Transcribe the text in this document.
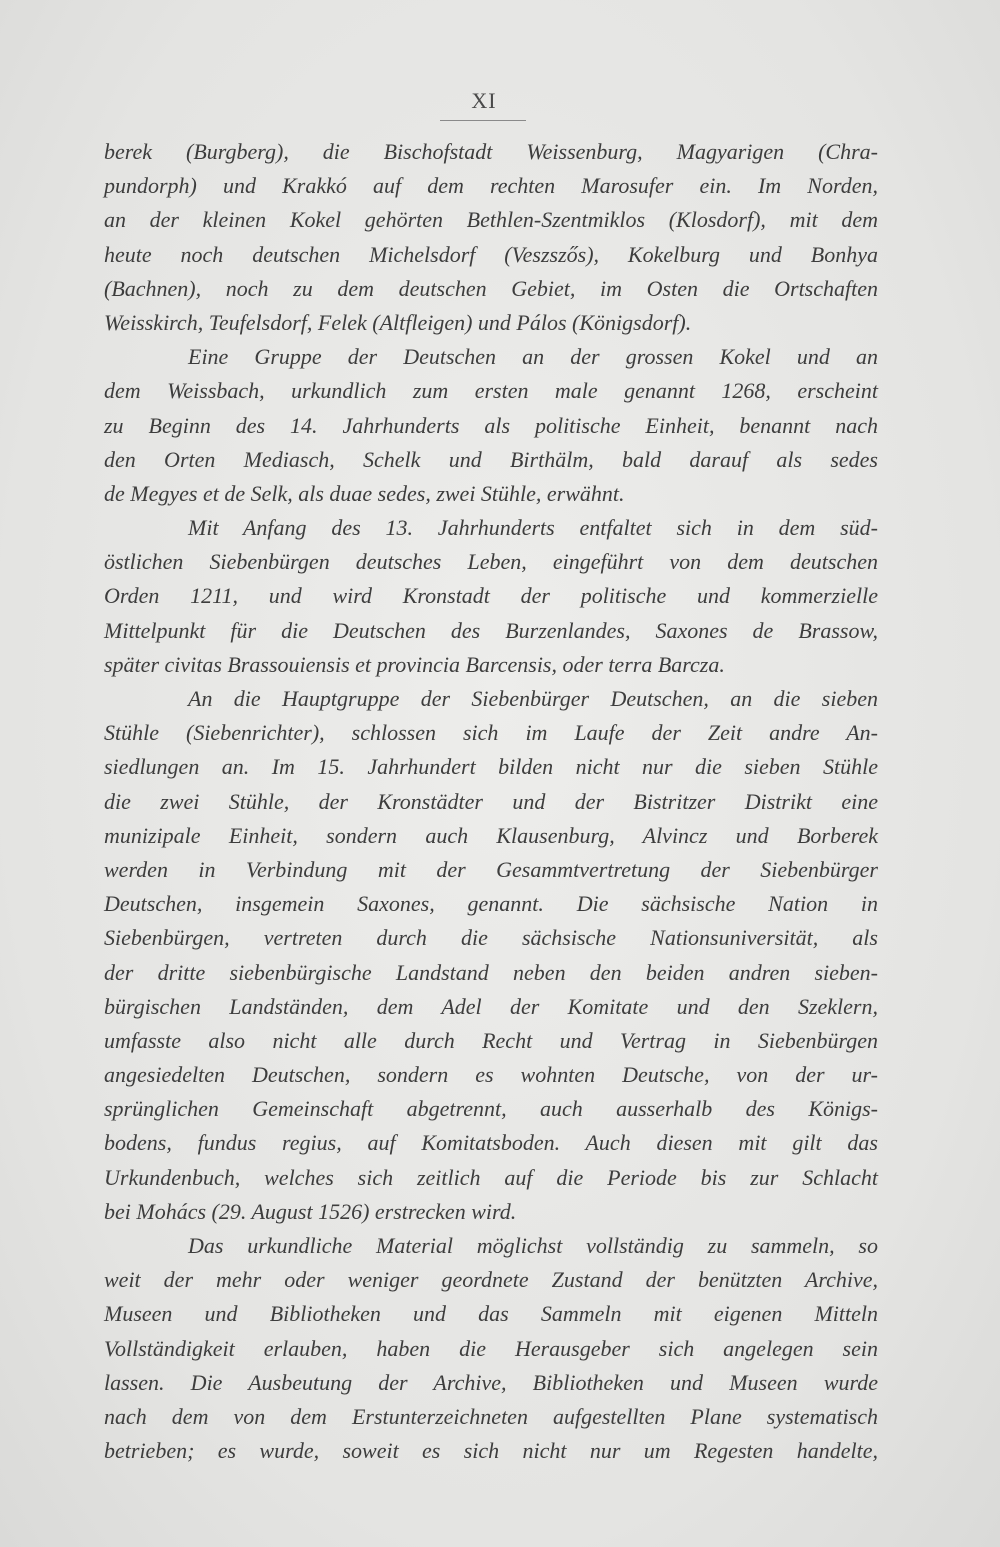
XI
berek (Burgberg), die Bischofstadt Weissenburg, Magyarigen (Chra-
pundorph) und Krakkó auf dem rechten Marosufer ein. Im Norden,
an der kleinen Kokel gehörten Bethlen-Szentmiklos (Klosdorf), mit dem
heute noch deutschen Michelsdorf (Veszszős), Kokelburg und Bonhya
(Bachnen), noch zu dem deutschen Gebiet, im Osten die Ortschaften
Weisskirch, Teufelsdorf, Felek (Altfleigen) und Pálos (Königsdorf).
Eine Gruppe der Deutschen an der grossen Kokel und an
dem Weissbach, urkundlich zum ersten male genannt 1268, erscheint
zu Beginn des 14. Jahrhunderts als politische Einheit, benannt nach
den Orten Mediasch, Schelk und Birthälm, bald darauf als sedes
de Megyes et de Selk, als duae sedes, zwei Stühle, erwähnt.
Mit Anfang des 13. Jahrhunderts entfaltet sich in dem süd-
östlichen Siebenbürgen deutsches Leben, eingeführt von dem deutschen
Orden 1211, und wird Kronstadt der politische und kommerzielle
Mittelpunkt für die Deutschen des Burzenlandes, Saxones de Brassow,
später civitas Brassouiensis et provincia Barcensis, oder terra Barcza.
An die Hauptgruppe der Siebenbürger Deutschen, an die sieben
Stühle (Siebenrichter), schlossen sich im Laufe der Zeit andre An-
siedlungen an. Im 15. Jahrhundert bilden nicht nur die sieben Stühle
die zwei Stühle, der Kronstädter und der Bistritzer Distrikt eine
munizipale Einheit, sondern auch Klausenburg, Alvincz und Borberek
werden in Verbindung mit der Gesammtvertretung der Siebenbürger
Deutschen, insgemein Saxones, genannt. Die sächsische Nation in
Siebenbürgen, vertreten durch die sächsische Nationsuniversität, als
der dritte siebenbürgische Landstand neben den beiden andren sieben-
bürgischen Landständen, dem Adel der Komitate und den Szeklern,
umfasste also nicht alle durch Recht und Vertrag in Siebenbürgen
angesiedelten Deutschen, sondern es wohnten Deutsche, von der ur-
sprünglichen Gemeinschaft abgetrennt, auch ausserhalb des Königs-
bodens, fundus regius, auf Komitatsboden. Auch diesen mit gilt das
Urkundenbuch, welches sich zeitlich auf die Periode bis zur Schlacht
bei Mohács (29. August 1526) erstrecken wird.
Das urkundliche Material möglichst vollständig zu sammeln, so
weit der mehr oder weniger geordnete Zustand der benützten Archive,
Museen und Bibliotheken und das Sammeln mit eigenen Mitteln
Vollständigkeit erlauben, haben die Herausgeber sich angelegen sein
lassen. Die Ausbeutung der Archive, Bibliotheken und Museen wurde
nach dem von dem Erstunterzeichneten aufgestellten Plane systematisch
betrieben; es wurde, soweit es sich nicht nur um Regesten handelte,
